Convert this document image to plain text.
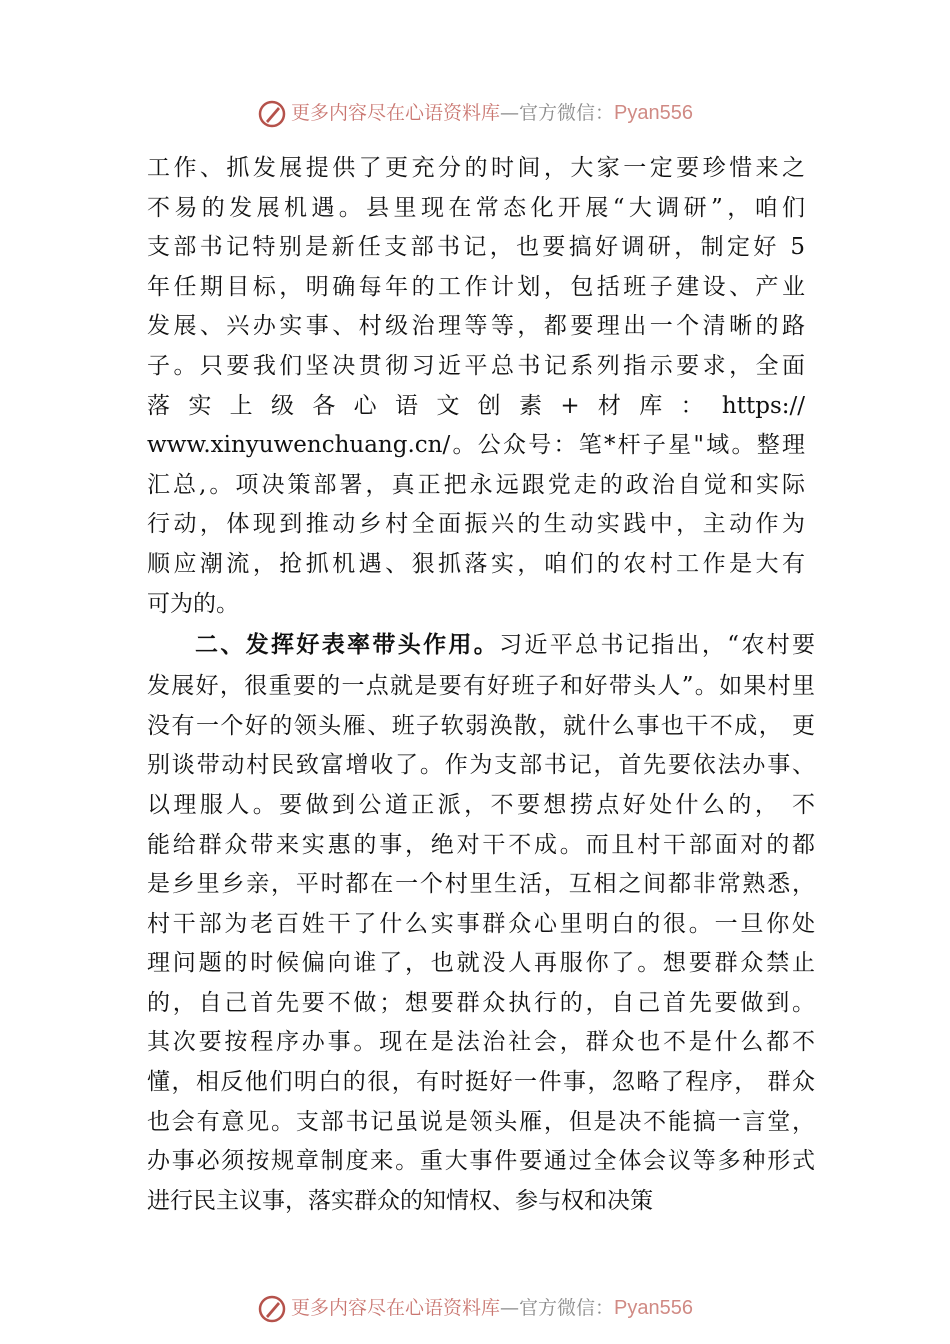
更多内容尽在心语资料库—官方微信：Pyan556
工作、抓发展提供了更充分的时间，大家一定要珍惜来之
不易的发展机遇。县里现在常态化开展“大调研”，咱们
支部书记特别是新任支部书记，也要搞好调研，制定好 5
年任期目标，明确每年的工作计划，包括班子建设、产业
发展、兴办实事、村级治理等等，都要理出一个清晰的路
子。只要我们坚决贯彻习近平总书记系列指示要求，全面
落实上级各心语文创素+材库：https://
www.xinyuwenchuang.cn/。公众号：笔*杆子星"域。整理
汇总,。项决策部署，真正把永远跟党走的政治自觉和实际
行动，体现到推动乡村全面振兴的生动实践中，主动作为
顺应潮流，抢抓机遇、狠抓落实，咱们的农村工作是大有
可为的。
二、发挥好表率带头作用。习近平总书记指出，“农村要
发展好，很重要的一点就是要有好班子和好带头人”。如果村里
没有一个好的领头雁、班子软弱涣散，就什么事也干不成， 更
别谈带动村民致富增收了。作为支部书记，首先要依法办事、
以理服人。要做到公道正派，不要想捞点好处什么的， 不
能给群众带来实惠的事，绝对干不成。而且村干部面对的都
是乡里乡亲，平时都在一个村里生活，互相之间都非常熟悉，
村干部为老百姓干了什么实事群众心里明白的很。一旦你处
理问题的时候偏向谁了，也就没人再服你了。想要群众禁止
的，自己首先要不做；想要群众执行的，自己首先要做到。
其次要按程序办事。现在是法治社会，群众也不是什么都不
懂，相反他们明白的很，有时挺好一件事，忽略了程序， 群众
也会有意见。支部书记虽说是领头雁，但是决不能搞一言堂，
办事必须按规章制度来。重大事件要通过全体会议等多种形式
进行民主议事，落实群众的知情权、参与权和决策
更多内容尽在心语资料库—官方微信：Pyan556
